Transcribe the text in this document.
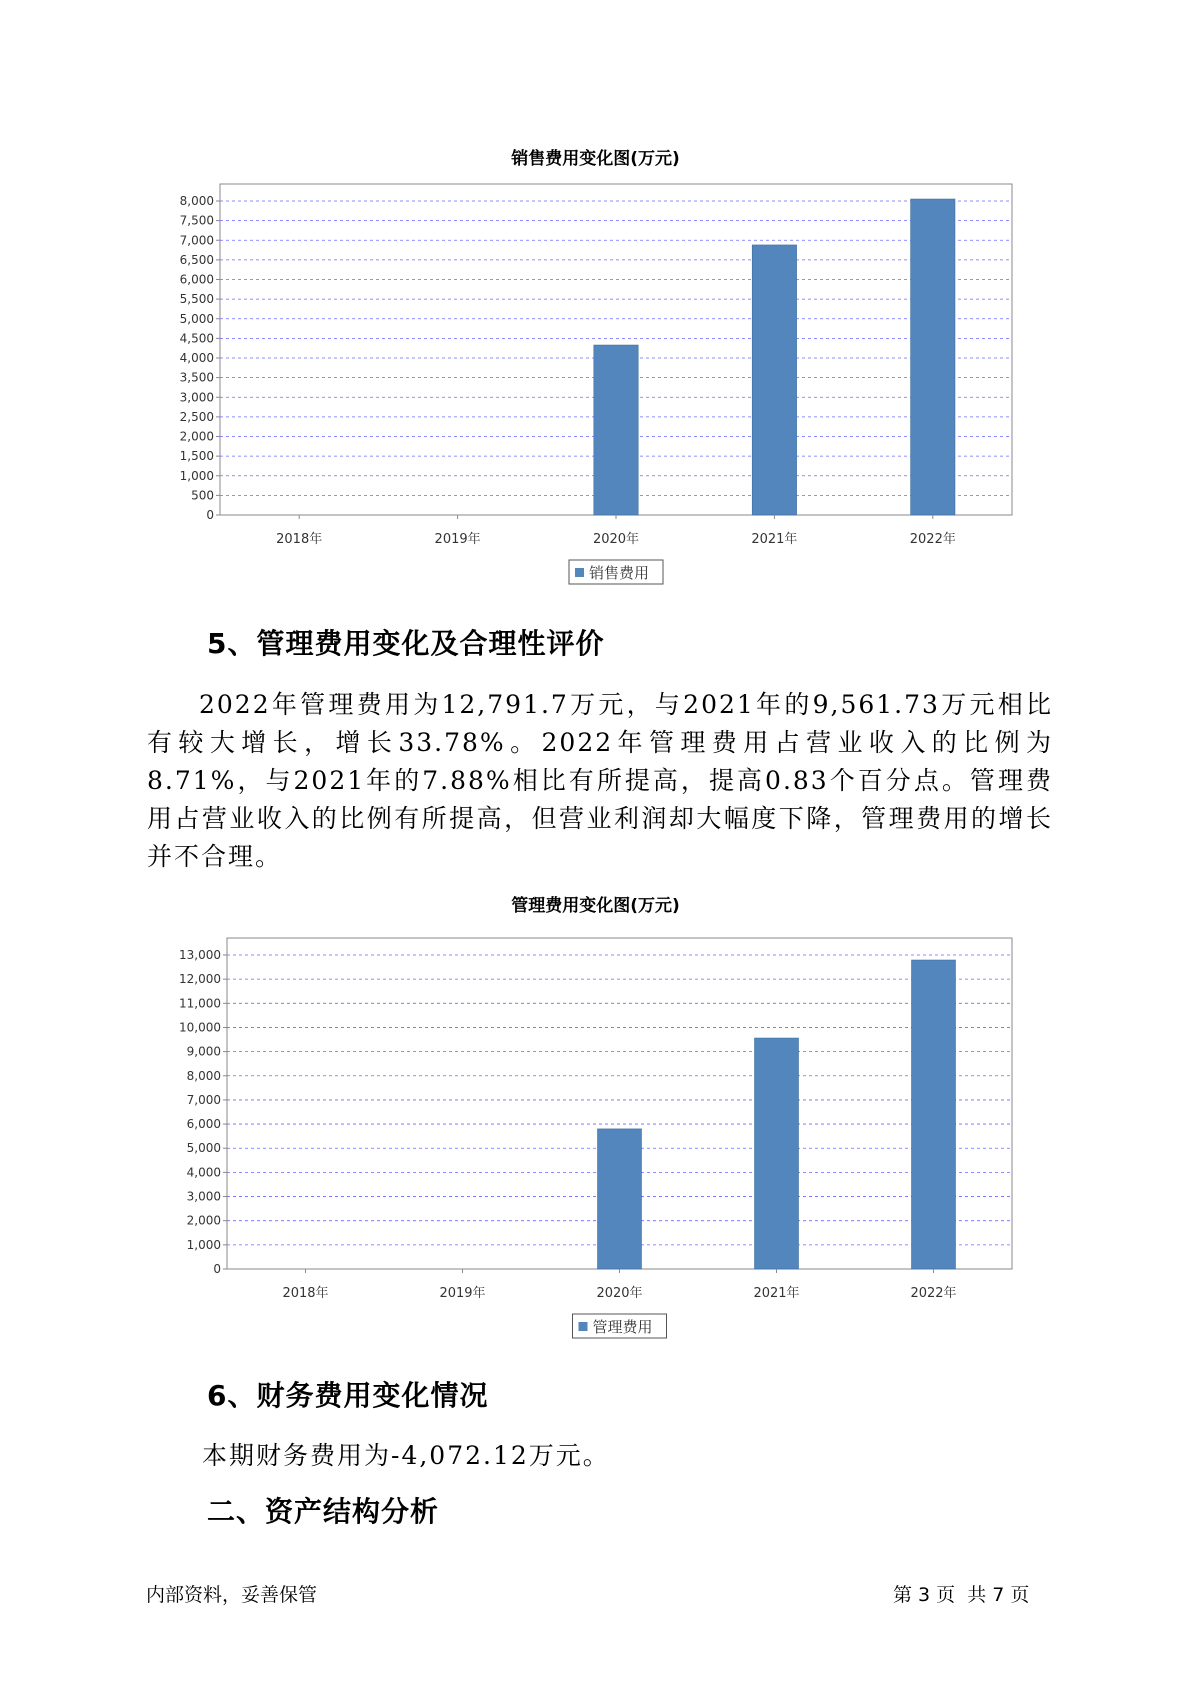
销售费用变化图(万元)
0
500
1,000
1,500
2,000
2,500
3,000
3,500
4,000
4,500
5,000
5,500
6,000
6,500
7,000
7,500
8,000
2018年	2019年	2020年	2021年	2022年
销售费用
5、管理费用变化及合理性评价
2022年管理费用为12,791.7万元，与2021年的9,561.73万元相比有较大增长，增长33.78%。2022年管理费用占营业收入的比例为8.71%，与2021年的7.88%相比有所提高，提高0.83个百分点。管理费用占营业收入的比例有所提高，但营业利润却大幅度下降，管理费用的增长并不合理。
管理费用变化图(万元)
0
1,000
2,000
3,000
4,000
5,000
6,000
7,000
8,000
9,000
10,000
11,000
12,000
13,000
2018年	2019年	2020年	2021年	2022年
管理费用
6、财务费用变化情况
本期财务费用为-4,072.12万元。
二、资产结构分析
内部资料，妥善保管	第 3 页  共 7 页
